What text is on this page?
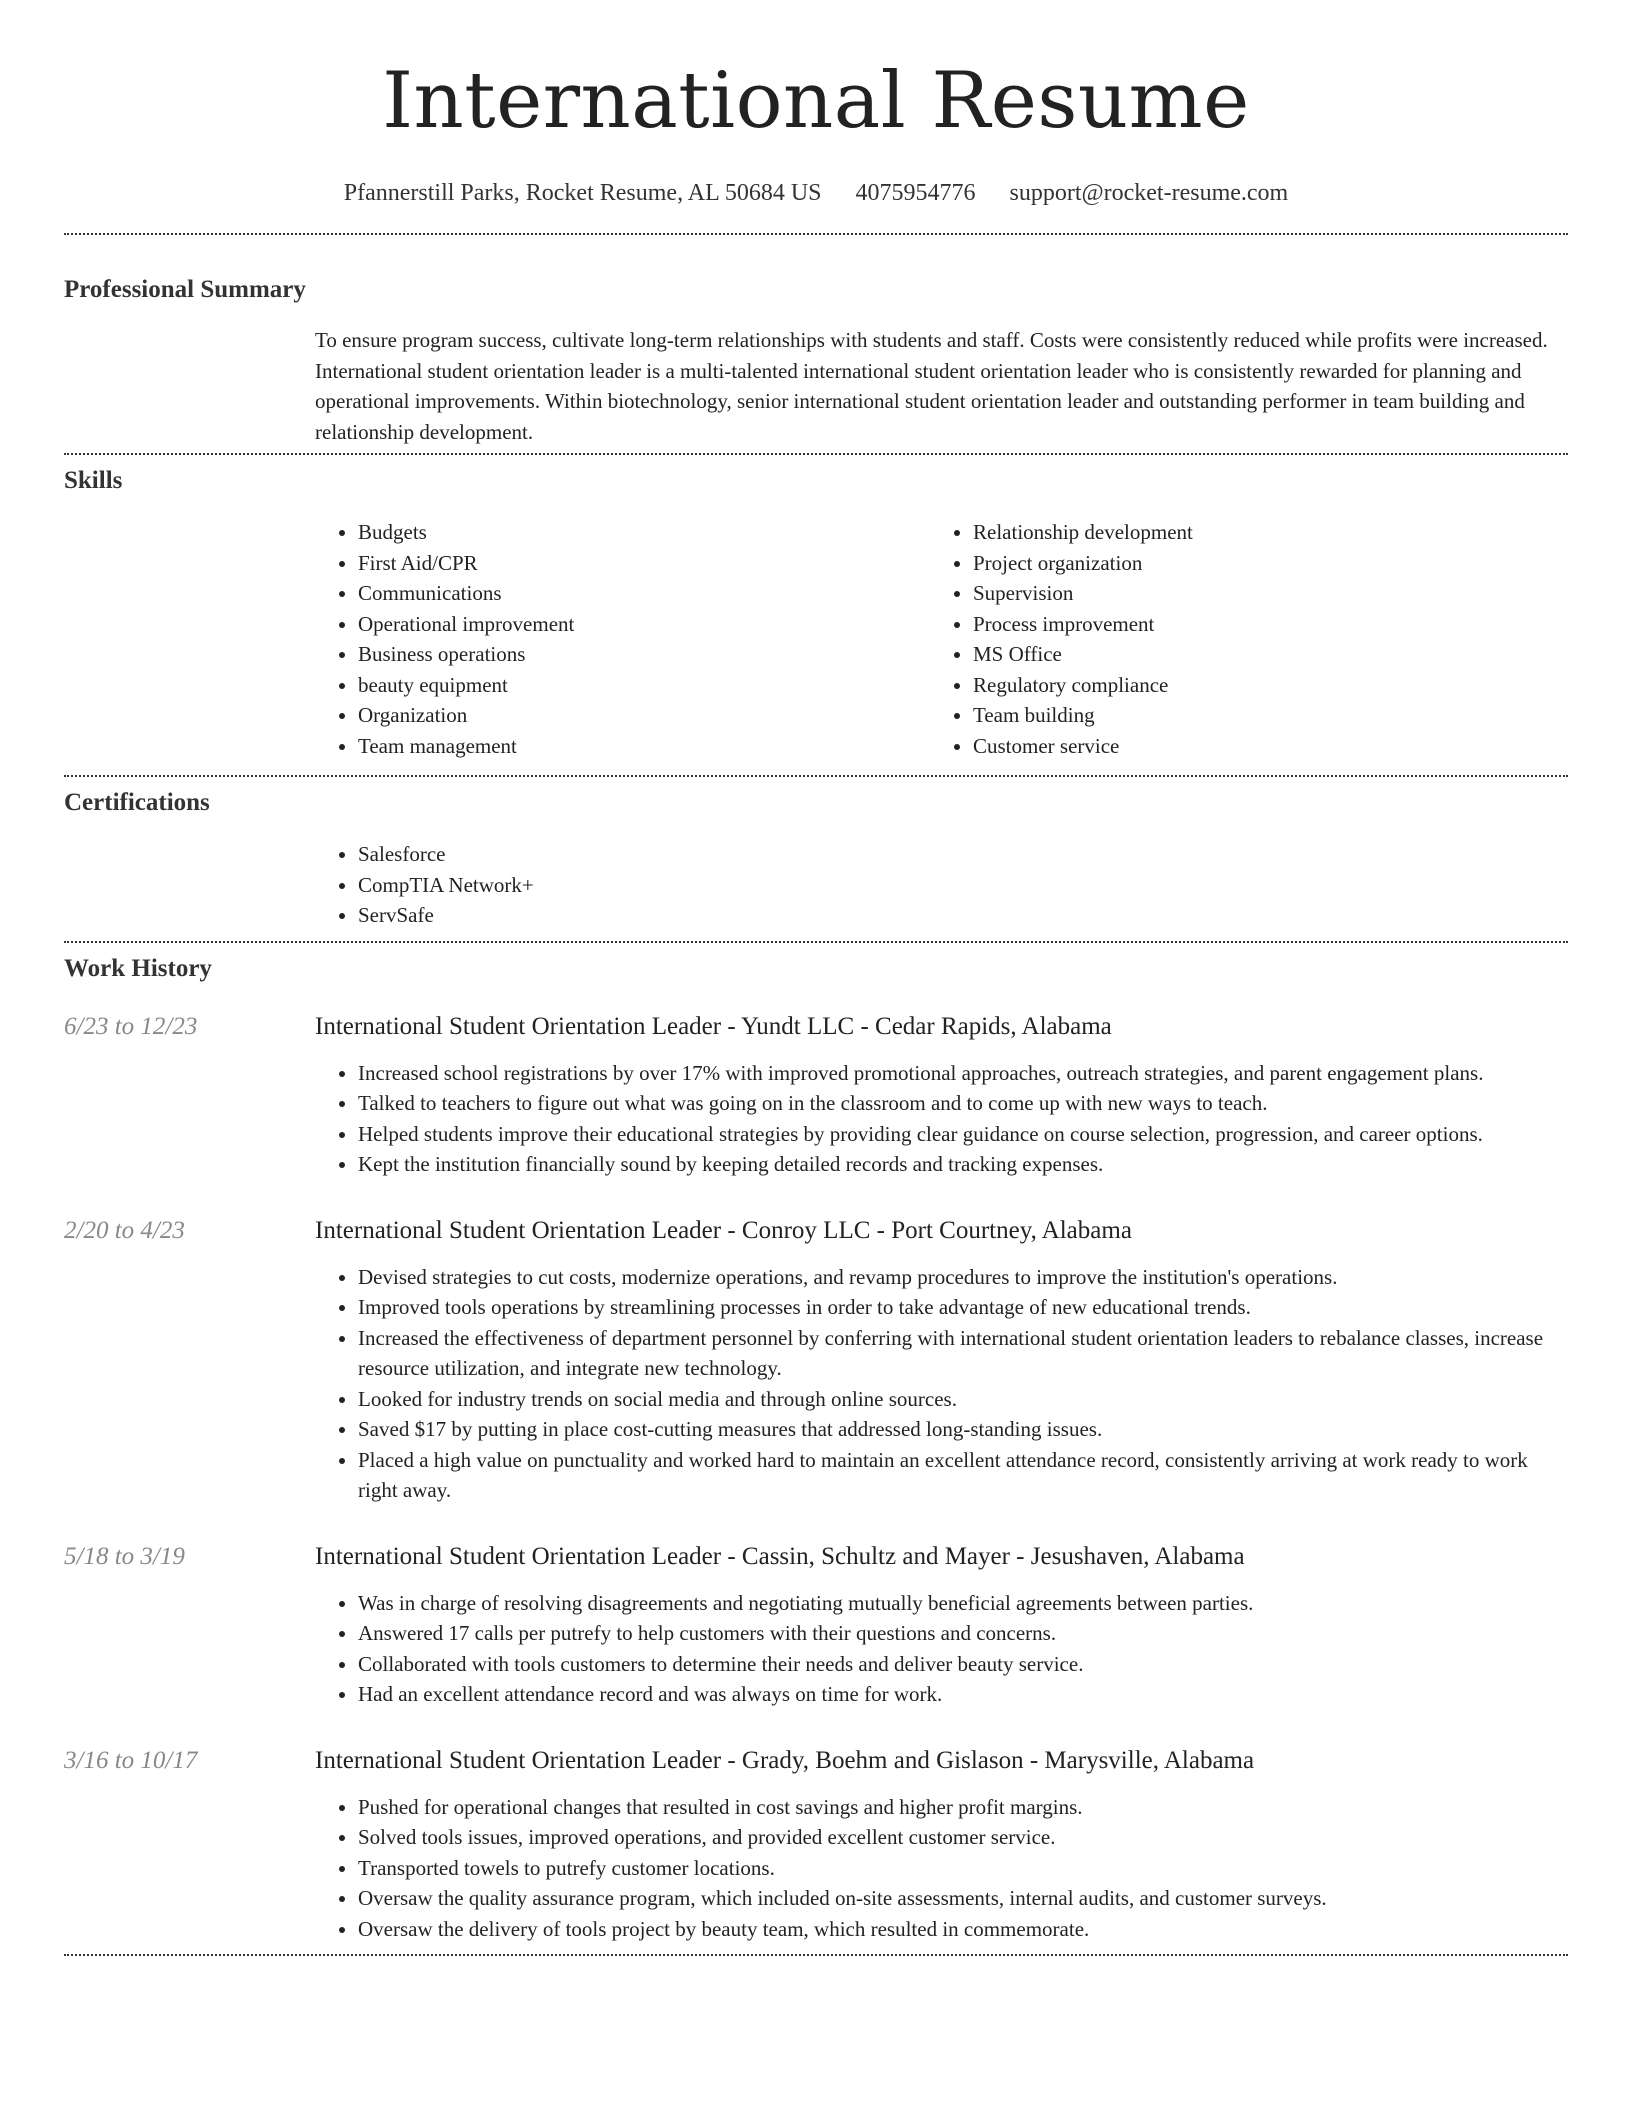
International Resume
Pfannerstill Parks, Rocket Resume, AL 50684 US 4075954776 support@rocket-resume.com
Professional Summary

To ensure program success, cultivate long-term relationships with students and staff. Costs were consistently reduced while profits were increased. International student orientation leader is a multi-talented international student orientation leader who is consistently rewarded for planning and operational improvements. Within biotechnology, senior international student orientation leader and outstanding performer in team building and relationship development.

Skills
• Budgets
• First Aid/CPR
• Communications
• Operational improvement
• Business operations
• beauty equipment
• Organization
• Team management
• Relationship development
• Project organization
• Supervision
• Process improvement
• MS Office
• Regulatory compliance
• Team building
• Customer service
Certifications
• Salesforce
• CompTIA Network+
• ServSafe
Work History
6/23 to 12/23	International Student Orientation Leader - Yundt LLC - Cedar Rapids, Alabama
• Increased school registrations by over 17% with improved promotional approaches, outreach strategies, and parent engagement plans.
• Talked to teachers to figure out what was going on in the classroom and to come up with new ways to teach.
• Helped students improve their educational strategies by providing clear guidance on course selection, progression, and career options.
• Kept the institution financially sound by keeping detailed records and tracking expenses.
2/20 to 4/23	International Student Orientation Leader - Conroy LLC - Port Courtney, Alabama
• Devised strategies to cut costs, modernize operations, and revamp procedures to improve the institution's operations.
• Improved tools operations by streamlining processes in order to take advantage of new educational trends.
• Increased the effectiveness of department personnel by conferring with international student orientation leaders to rebalance classes, increase resource utilization, and integrate new technology.
• Looked for industry trends on social media and through online sources.
• Saved $17 by putting in place cost-cutting measures that addressed long-standing issues.
• Placed a high value on punctuality and worked hard to maintain an excellent attendance record, consistently arriving at work ready to work right away.
5/18 to 3/19	International Student Orientation Leader - Cassin, Schultz and Mayer - Jesushaven, Alabama
• Was in charge of resolving disagreements and negotiating mutually beneficial agreements between parties.
• Answered 17 calls per putrefy to help customers with their questions and concerns.
• Collaborated with tools customers to determine their needs and deliver beauty service.
• Had an excellent attendance record and was always on time for work.
3/16 to 10/17	International Student Orientation Leader - Grady, Boehm and Gislason - Marysville, Alabama
• Pushed for operational changes that resulted in cost savings and higher profit margins.
• Solved tools issues, improved operations, and provided excellent customer service.
• Transported towels to putrefy customer locations.
• Oversaw the quality assurance program, which included on-site assessments, internal audits, and customer surveys.
• Oversaw the delivery of tools project by beauty team, which resulted in commemorate.
